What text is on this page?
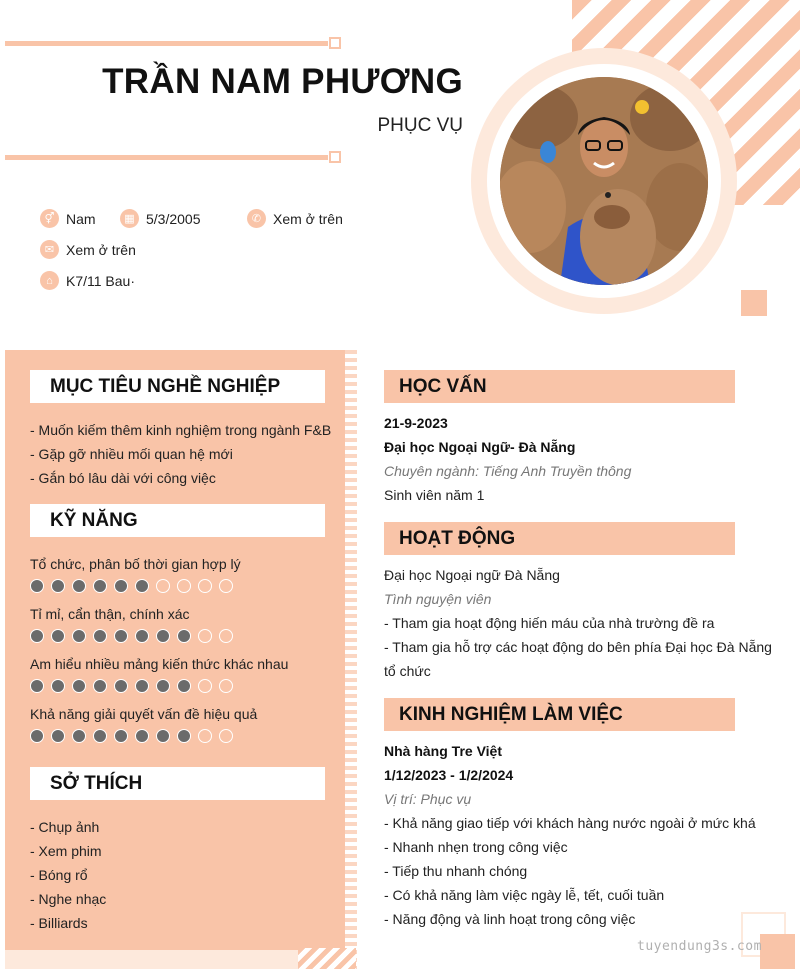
TRẦN NAM PHƯƠNG
PHỤC VỤ
⚥ Nam	▦ 5/3/2005	✆ Xem ở trên
✉ Xem ở trên
⌂ K7/11 Bau·
MỤC TIÊU NGHỀ NGHIỆP
- Muốn kiếm thêm kinh nghiệm trong ngành F&B
- Gặp gỡ nhiều mối quan hệ mới
- Gắn bó lâu dài với công việc
KỸ NĂNG
Tổ chức, phân bố thời gian hợp lý
Tỉ mỉ, cẩn thận, chính xác
Am hiểu nhiều mảng kiến thức khác nhau
Khả năng giải quyết vấn đề hiệu quả
SỞ THÍCH
- Chụp ảnh
- Xem phim
- Bóng rổ
- Nghe nhạc
- Billiards
HỌC VẤN
21-9-2023
Đại học Ngoại Ngữ- Đà Nẵng
Chuyên ngành: Tiếng Anh Truyền thông
Sinh viên năm 1
HOẠT ĐỘNG
Đại học Ngoại ngữ Đà Nẵng
Tình nguyện viên
- Tham gia hoạt động hiến máu của nhà trường đề ra
- Tham gia hỗ trợ các hoạt động do bên phía Đại học Đà Nẵng
tổ chức
KINH NGHIỆM LÀM VIỆC
Nhà hàng Tre Việt
1/12/2023 - 1/2/2024
Vị trí: Phục vụ
- Khả năng giao tiếp với khách hàng nước ngoài ở mức khá
- Nhanh nhẹn trong công việc
- Tiếp thu nhanh chóng
- Có khả năng làm việc ngày lễ, tết, cuối tuần
- Năng động và linh hoạt trong công việc
tuyendung3s.com
